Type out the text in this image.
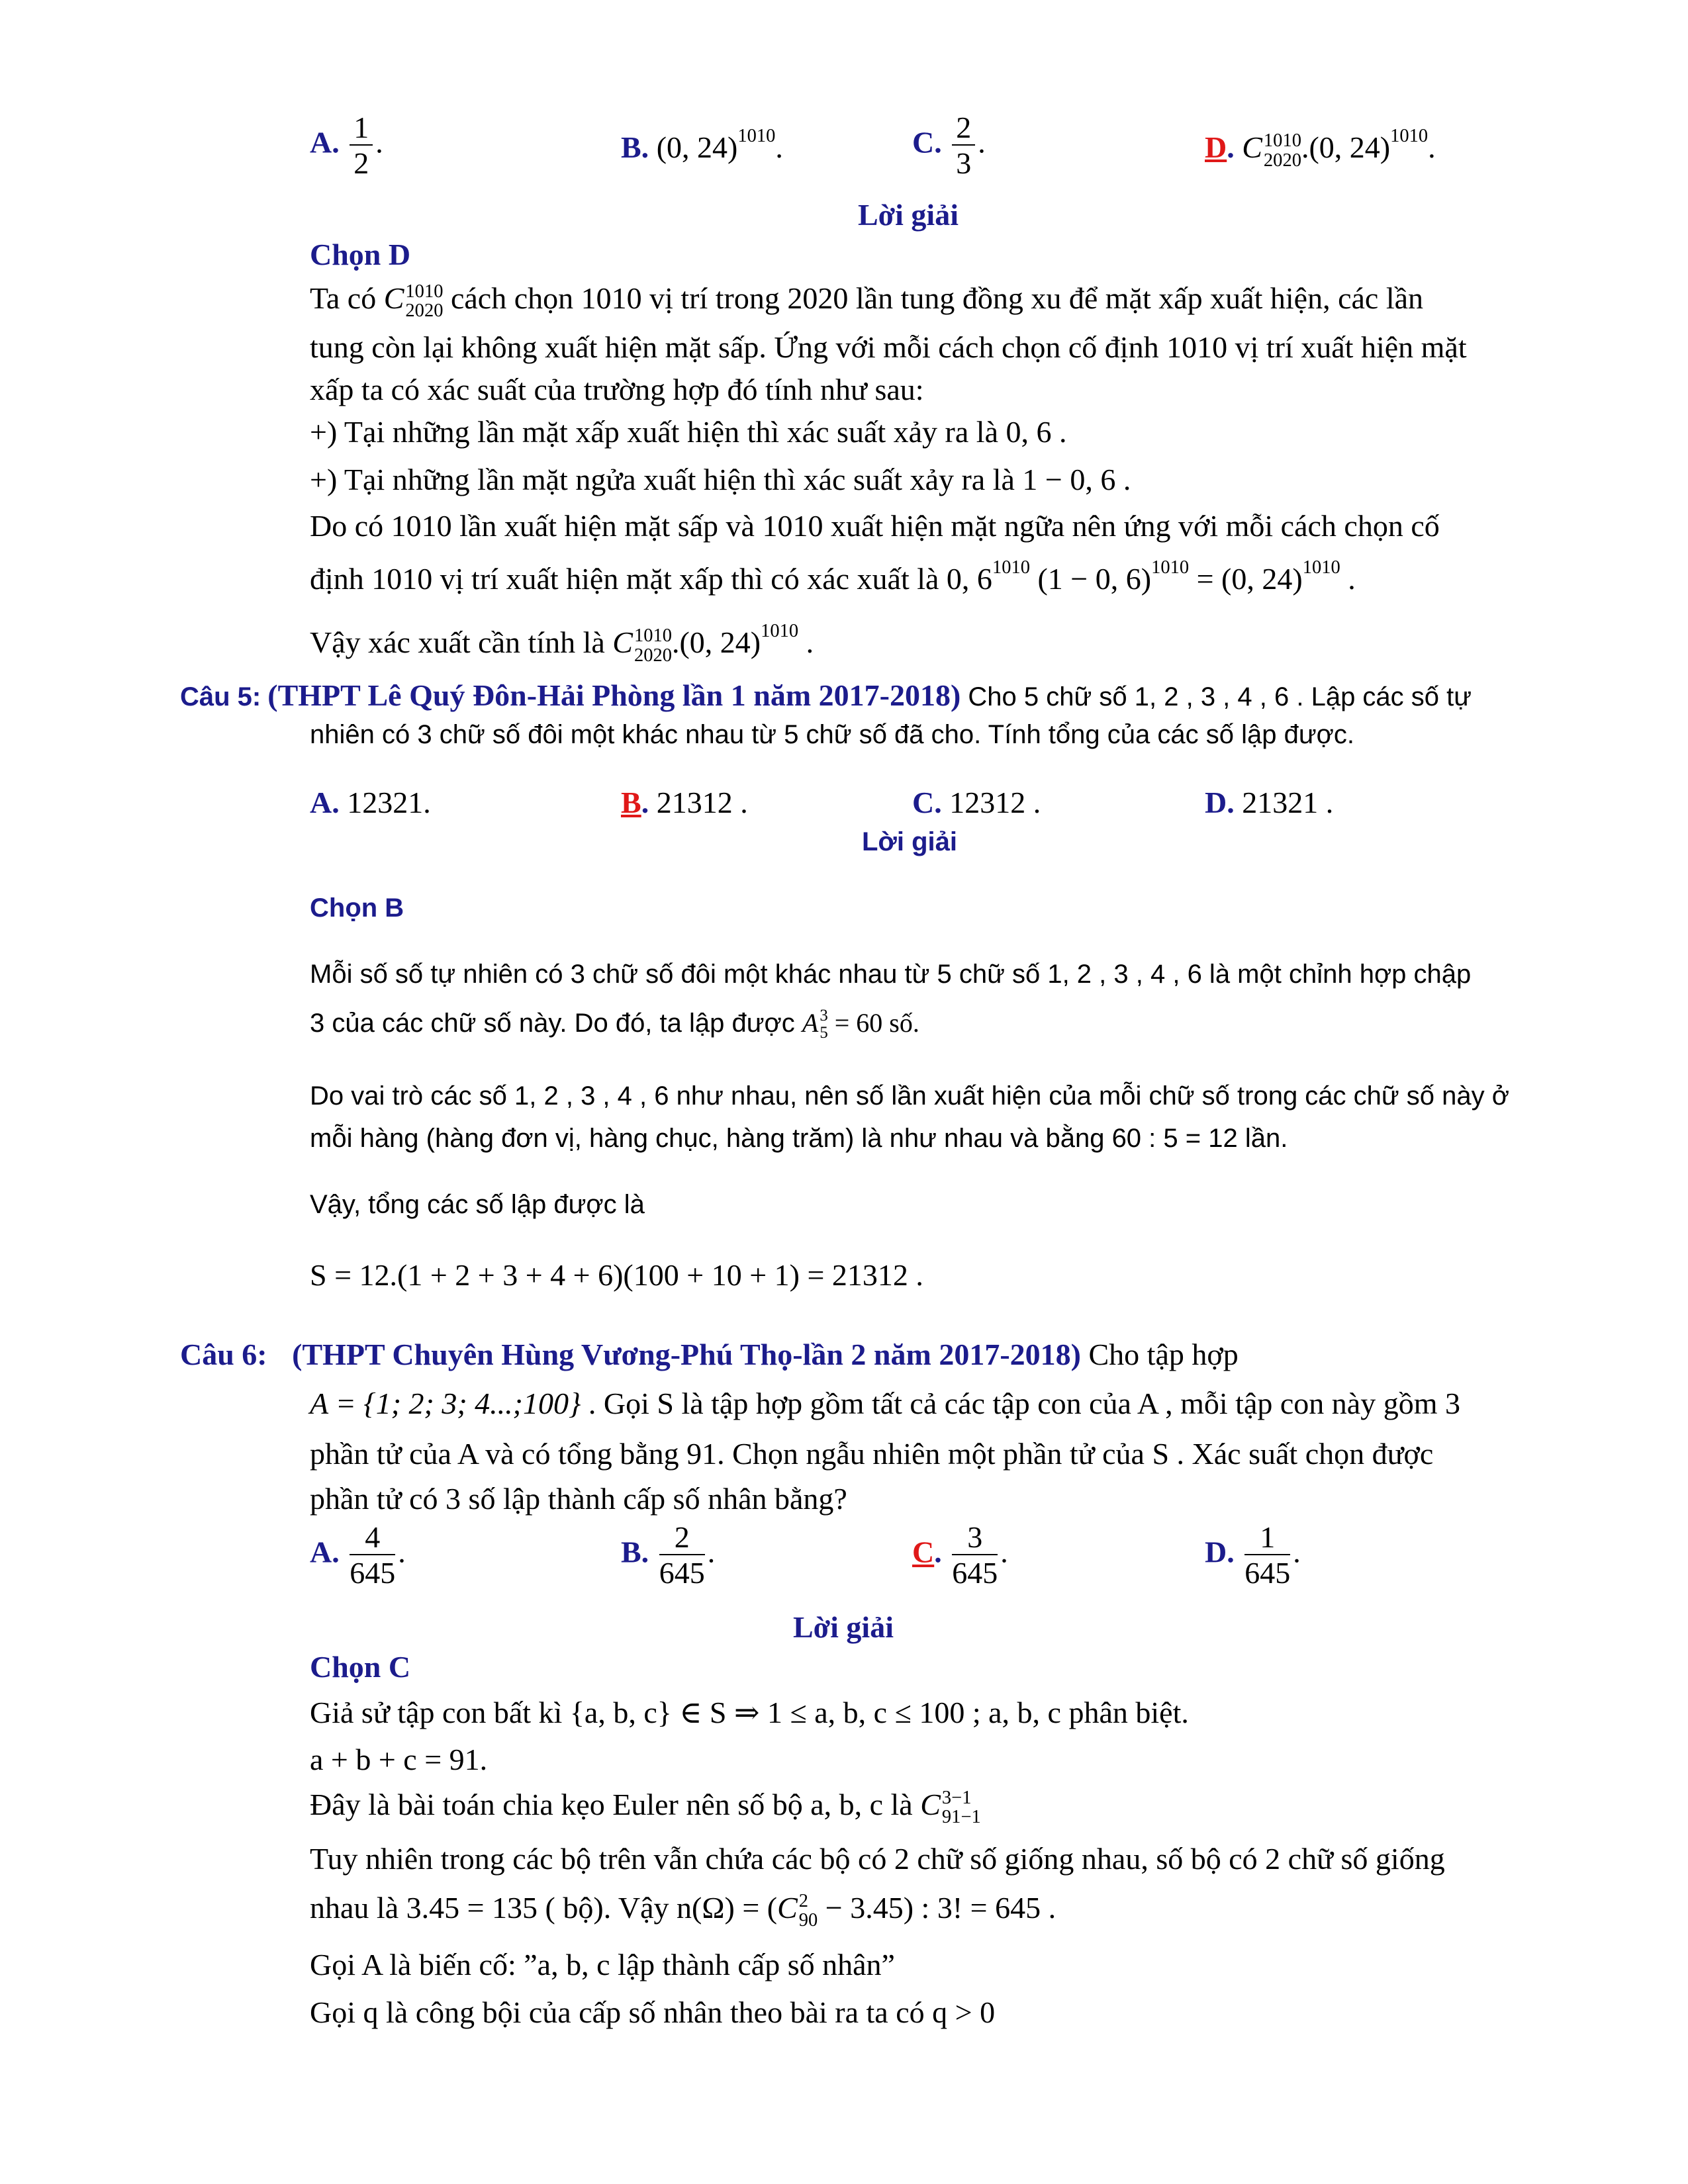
A. $\frac{1}{2}$ .	B. (0, 24)$^{1010}$.	C. $\frac{2}{3}$ .	D. C 1010
2020 .(0, 24)$^{1010}$.
Lời giải
Chọn D
Ta có C 1010
2020 cách chọn 1010 vị trí trong 2020 lần tung đồng xu để mặt xấp xuất hiện, các lần
tung còn lại không xuất hiện mặt sấp. Ứng với mỗi cách chọn cố định 1010 vị trí xuất hiện mặt
xấp ta có xác suất của trường hợp đó tính như sau:
+) Tại những lần mặt xấp xuất hiện thì xác suất xảy ra là 0, 6 .
+) Tại những lần mặt ngửa xuất hiện thì xác suất xảy ra là 1 − 0, 6 .
Do có 1010 lần xuất hiện mặt sấp và 1010 xuất hiện mặt ngữa nên ứng với mỗi cách chọn cố
định 1010 vị trí xuất hiện mặt xấp thì có xác xuất là 0, $6^{1010}$ (1 − 0, 6)$^{1010}$ = (0, 24)$^{1010}$ .
Vậy xác xuất cần tính là C 1010
2020 .(0, 24)$^{1010}$ .
Câu 5: (THPT Lê Quý Đôn-Hải Phòng lần 1 năm 2017-2018) Cho 5 chữ số 1, 2 , 3 , 4 , 6 . Lập các số tự
nhiên có 3 chữ số đôi một khác nhau từ 5 chữ số đã cho. Tính tổng của các số lập được.
A. 12321.	B. 21312 .	C. 12312 .	D. 21321 .
Lời giải
Chọn B
Mỗi số số tự nhiên có 3 chữ số đôi một khác nhau từ 5 chữ số 1, 2 , 3 , 4 , 6 là một chỉnh hợp chập
3 của các chữ số này. Do đó, ta lập được A 3
5 = 60 số.
Do vai trò các số 1, 2 , 3 , 4 , 6 như nhau, nên số lần xuất hiện của mỗi chữ số trong các chữ số này ở
mỗi hàng (hàng đơn vị, hàng chục, hàng trăm) là như nhau và bằng 60 : 5 = 12 lần.
Vậy, tổng các số lập được là
S = 12.(1 + 2 + 3 + 4 + 6)(100 + 10 + 1) = 21312 .
Câu 6: (THPT Chuyên Hùng Vương-Phú Thọ-lần 2 năm 2017-2018) Cho tập hợp
A = {1; 2; 3; 4...;100} . Gọi S là tập hợp gồm tất cả các tập con của A , mỗi tập con này gồm 3
phần tử của A và có tổng bằng 91. Chọn ngẫu nhiên một phần tử của S . Xác suất chọn được
phần tử có 3 số lập thành cấp số nhân bằng?
A. $\frac{4}{645}$ .	B. $\frac{2}{645}$ .	C. $\frac{3}{645}$ .	D. $\frac{1}{645}$ .
Lời giải
Chọn C
Giả sử tập con bất kì {a, b, c} ∈ S ⇒ 1 ≤ a, b, c ≤ 100 ; a, b, c phân biệt.
a + b + c = 91.
Đây là bài toán chia kẹo Euler nên số bộ a, b, c là C 3−1
91−1
Tuy nhiên trong các bộ trên vẫn chứa các bộ có 2 chữ số giống nhau, số bộ có 2 chữ số giống
nhau là 3.45 = 135 ( bộ). Vậy n(Ω) = (C 2
90 − 3.45) : 3! = 645 .
Gọi A là biến cố: ”a, b, c lập thành cấp số nhân”
Gọi q là công bội của cấp số nhân theo bài ra ta có q > 0
